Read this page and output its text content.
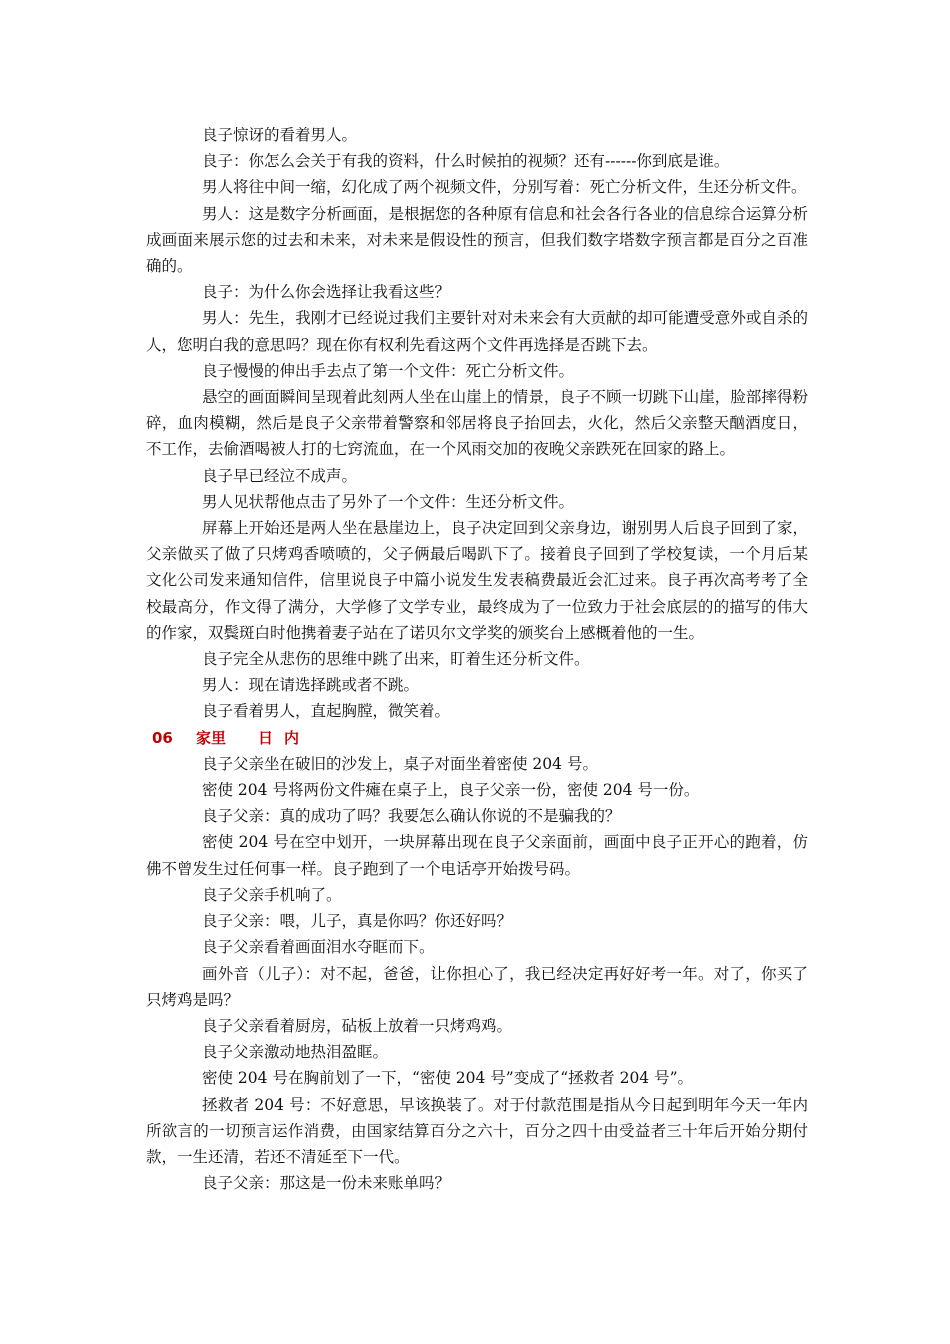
良子惊讶的看着男人。

良子：你怎么会关于有我的资料，什么时候拍的视频？还有------你到底是谁。

男人将往中间一缩，幻化成了两个视频文件，分别写着：死亡分析文件，生还分析文件。

男人：这是数字分析画面，是根据您的各种原有信息和社会各行各业的信息综合运算分析成画面来展示您的过去和未来，对未来是假设性的预言，但我们数字塔数字预言都是百分之百准确的。

良子：为什么你会选择让我看这些？

男人：先生，我刚才已经说过我们主要针对对未来会有大贡献的却可能遭受意外或自杀的人，您明白我的意思吗？现在你有权利先看这两个文件再选择是否跳下去。

良子慢慢的伸出手去点了第一个文件：死亡分析文件。

悬空的画面瞬间呈现着此刻两人坐在山崖上的情景，良子不顾一切跳下山崖，脸部摔得粉碎，血肉模糊，然后是良子父亲带着警察和邻居将良子抬回去，火化，然后父亲整天酗酒度日，不工作，去偷酒喝被人打的七窍流血，在一个风雨交加的夜晚父亲跌死在回家的路上。

良子早已经泣不成声。

男人见状帮他点击了另外了一个文件：生还分析文件。

屏幕上开始还是两人坐在悬崖边上，良子决定回到父亲身边，谢别男人后良子回到了家，父亲做买了做了只烤鸡香喷喷的，父子俩最后喝趴下了。接着良子回到了学校复读，一个月后某文化公司发来通知信件，信里说良子中篇小说发生发表稿费最近会汇过来。良子再次高考考了全校最高分，作文得了满分，大学修了文学专业，最终成为了一位致力于社会底层的的描写的伟大的作家，双鬓斑白时他携着妻子站在了诺贝尔文学奖的颁奖台上感概着他的一生。

良子完全从悲伤的思维中跳了出来，盯着生还分析文件。

男人：现在请选择跳或者不跳。

良子看着男人，直起胸膛，微笑着。

06 家里 日 内

良子父亲坐在破旧的沙发上，桌子对面坐着密使 204 号。

密使 204 号将两份文件瘫在桌子上，良子父亲一份，密使 204 号一份。

良子父亲：真的成功了吗？我要怎么确认你说的不是骗我的？

密使 204 号在空中划开，一块屏幕出现在良子父亲面前，画面中良子正开心的跑着，仿佛不曾发生过任何事一样。良子跑到了一个电话亭开始拨号码。

良子父亲手机响了。

良子父亲：喂，儿子，真是你吗？你还好吗？

良子父亲看着画面泪水夺眶而下。

画外音（儿子）：对不起，爸爸，让你担心了，我已经决定再好好考一年。对了，你买了只烤鸡是吗？

良子父亲看着厨房，砧板上放着一只烤鸡鸡。

良子父亲激动地热泪盈眶。

密使 204 号在胸前划了一下，“密使 204 号”变成了“拯救者 204 号”。

拯救者 204 号：不好意思，早该换装了。对于付款范围是指从今日起到明年今天一年内所欲言的一切预言运作消费，由国家结算百分之六十，百分之四十由受益者三十年后开始分期付款，一生还清，若还不清延至下一代。

良子父亲：那这是一份未来账单吗？
